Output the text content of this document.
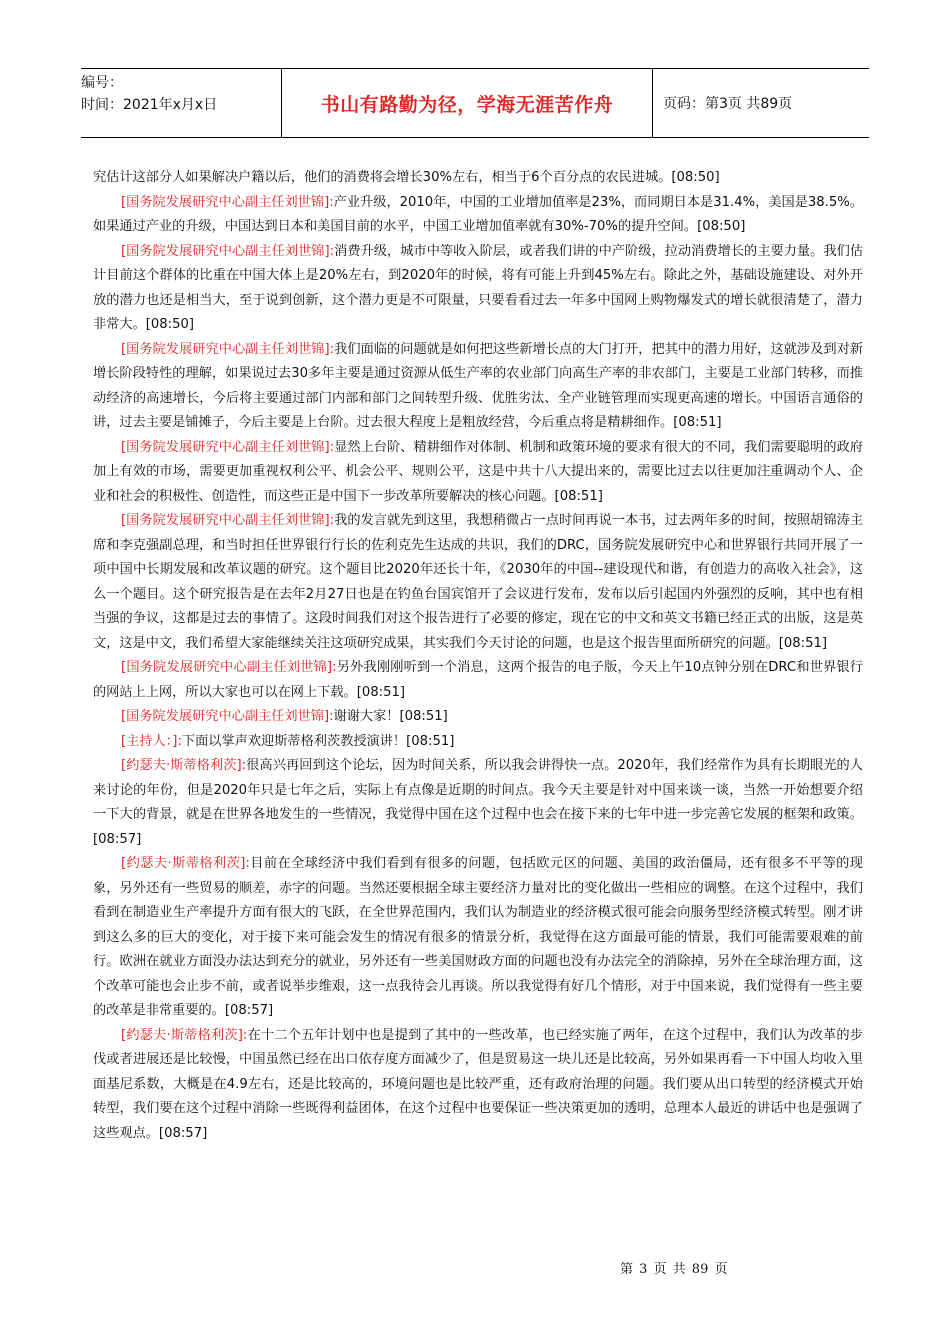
编号：
时间：2021年x月x日	书山有路勤为径，学海无涯苦作舟	页码：第3页 共89页

究估计这部分人如果解决户籍以后，他们的消费将会增长30%左右，相当于6个百分点的农民进城。[08:50]

[国务院发展研究中心副主任刘世锦]:产业升级，2010年，中国的工业增加值率是23%，而同期日本是31.4%，美国是38.5%。如果通过产业的升级，中国达到日本和美国目前的水平，中国工业增加值率就有30%-70%的提升空间。[08:50]

[国务院发展研究中心副主任刘世锦]:消费升级，城市中等收入阶层，或者我们讲的中产阶级，拉动消费增长的主要力量。我们估计目前这个群体的比重在中国大体上是20%左右，到2020年的时候，将有可能上升到45%左右。除此之外，基础设施建设、对外开放的潜力也还是相当大，至于说到创新，这个潜力更是不可限量，只要看看过去一年多中国网上购物爆发式的增长就很清楚了，潜力非常大。[08:50]

[国务院发展研究中心副主任刘世锦]:我们面临的问题就是如何把这些新增长点的大门打开，把其中的潜力用好，这就涉及到对新增长阶段特性的理解，如果说过去30多年主要是通过资源从低生产率的农业部门向高生产率的非农部门，主要是工业部门转移，而推动经济的高速增长，今后将主要通过部门内部和部门之间转型升级、优胜劣汰、全产业链管理而实现更高速的增长。中国语言通俗的讲，过去主要是铺摊子，今后主要是上台阶。过去很大程度上是粗放经营，今后重点将是精耕细作。[08:51]

[国务院发展研究中心副主任刘世锦]:显然上台阶、精耕细作对体制、机制和政策环境的要求有很大的不同，我们需要聪明的政府加上有效的市场，需要更加重视权利公平、机会公平、规则公平，这是中共十八大提出来的，需要比过去以往更加注重调动个人、企业和社会的积极性、创造性，而这些正是中国下一步改革所要解决的核心问题。[08:51]

[国务院发展研究中心副主任刘世锦]:我的发言就先到这里，我想稍微占一点时间再说一本书，过去两年多的时间，按照胡锦涛主席和李克强副总理，和当时担任世界银行行长的佐利克先生达成的共识，我们的DRC，国务院发展研究中心和世界银行共同开展了一项中国中长期发展和改革议题的研究。这个题目比2020年还长十年，《2030年的中国--建设现代和谐，有创造力的高收入社会》，这么一个题目。这个研究报告是在去年2月27日也是在钓鱼台国宾馆开了会议进行发布，发布以后引起国内外强烈的反响，其中也有相当强的争议，这都是过去的事情了。这段时间我们对这个报告进行了必要的修定，现在它的中文和英文书籍已经正式的出版，这是英文，这是中文，我们希望大家能继续关注这项研究成果，其实我们今天讨论的问题，也是这个报告里面所研究的问题。[08:51]

[国务院发展研究中心副主任刘世锦]:另外我刚刚听到一个消息，这两个报告的电子版，今天上午10点钟分别在DRC和世界银行的网站上上网，所以大家也可以在网上下载。[08:51]

[国务院发展研究中心副主任刘世锦]:谢谢大家！[08:51]

[主持人：]:下面以掌声欢迎斯蒂格利茨教授演讲！[08:51]

[约瑟夫·斯蒂格利茨]:很高兴再回到这个论坛，因为时间关系，所以我会讲得快一点。2020年，我们经常作为具有长期眼光的人来讨论的年份，但是2020年只是七年之后，实际上有点像是近期的时间点。我今天主要是针对中国来谈一谈，当然一开始想要介绍一下大的背景，就是在世界各地发生的一些情况，我觉得中国在这个过程中也会在接下来的七年中进一步完善它发展的框架和政策。[08:57]

[约瑟夫·斯蒂格利茨]:目前在全球经济中我们看到有很多的问题，包括欧元区的问题、美国的政治僵局，还有很多不平等的现象，另外还有一些贸易的顺差，赤字的问题。当然还要根据全球主要经济力量对比的变化做出一些相应的调整。在这个过程中，我们看到在制造业生产率提升方面有很大的飞跃，在全世界范围内，我们认为制造业的经济模式很可能会向服务型经济模式转型。刚才讲到这么多的巨大的变化，对于接下来可能会发生的情况有很多的情景分析，我觉得在这方面最可能的情景，我们可能需要艰难的前行。欧洲在就业方面没办法达到充分的就业，另外还有一些美国财政方面的问题也没有办法完全的消除掉，另外在全球治理方面，这个改革可能也会止步不前，或者说举步维艰，这一点我待会儿再谈。所以我觉得有好几个情形，对于中国来说，我们觉得有一些主要的改革是非常重要的。[08:57]

[约瑟夫·斯蒂格利茨]:在十二个五年计划中也是提到了其中的一些改革，也已经实施了两年，在这个过程中，我们认为改革的步伐或者进展还是比较慢，中国虽然已经在出口依存度方面减少了，但是贸易这一块儿还是比较高，另外如果再看一下中国人均收入里面基尼系数，大概是在4.9左右，还是比较高的，环境问题也是比较严重，还有政府治理的问题。我们要从出口转型的经济模式开始转型，我们要在这个过程中消除一些既得利益团体，在这个过程中也要保证一些决策更加的透明，总理本人最近的讲话中也是强调了这些观点。[08:57]

第 3 页 共 89 页
